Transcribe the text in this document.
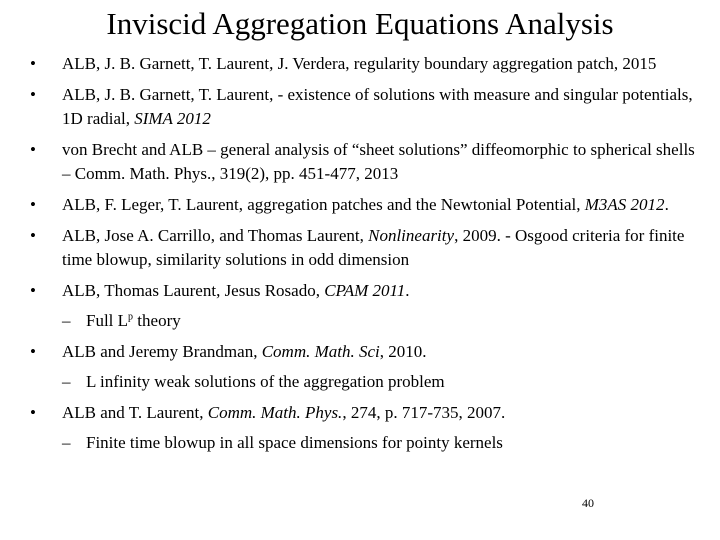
Inviscid Aggregation Equations Analysis
• ALB, J. B. Garnett, T. Laurent, J. Verdera, regularity boundary aggregation patch, 2015
• ALB, J. B. Garnett, T. Laurent, - existence of solutions with measure and singular potentials, 1D radial, SIMA 2012
• von Brecht and ALB – general analysis of “sheet solutions” diffeomorphic to spherical shells – Comm. Math. Phys., 319(2), pp. 451-477, 2013
• ALB, F. Leger, T. Laurent, aggregation patches and the Newtonial Potential, M3AS 2012.
• ALB, Jose A. Carrillo, and Thomas Laurent, Nonlinearity, 2009. - Osgood criteria for finite time blowup, similarity solutions in odd dimension
• ALB, Thomas Laurent, Jesus Rosado, CPAM 2011.
– Full $L^p$ theory
• ALB and Jeremy Brandman, Comm. Math. Sci, 2010.
– L infinity weak solutions of the aggregation problem
• ALB and T. Laurent, Comm. Math. Phys., 274, p. 717-735, 2007.
– Finite time blowup in all space dimensions for pointy kernels
40
